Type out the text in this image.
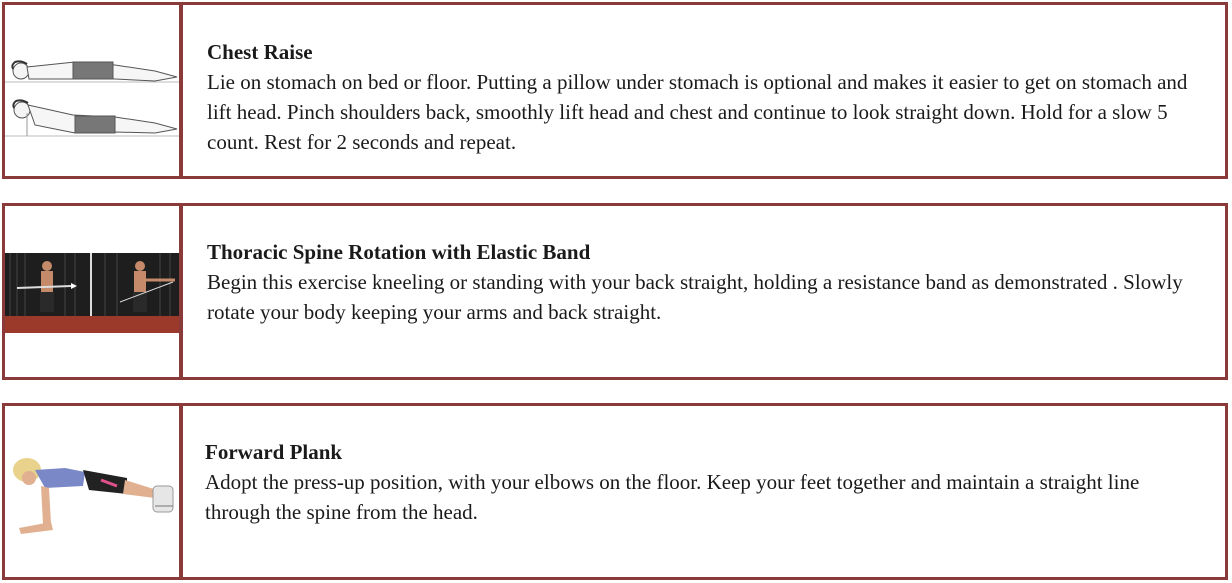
Chest Raise

Lie on stomach on bed or floor. Putting a pillow under stomach is optional and makes it easier to get on stomach and lift head. Pinch shoulders back, smoothly lift head and chest and continue to look straight down. Hold for a slow 5 count. Rest for 2 seconds and repeat.

Thoracic Spine Rotation with Elastic Band

Begin this exercise kneeling or standing with your back straight, holding a resistance band as demonstrated . Slowly rotate your body keeping your arms and back straight.

Forward Plank

Adopt the press-up position, with your elbows on the floor. Keep your feet together and maintain a straight line through the spine from the head.
